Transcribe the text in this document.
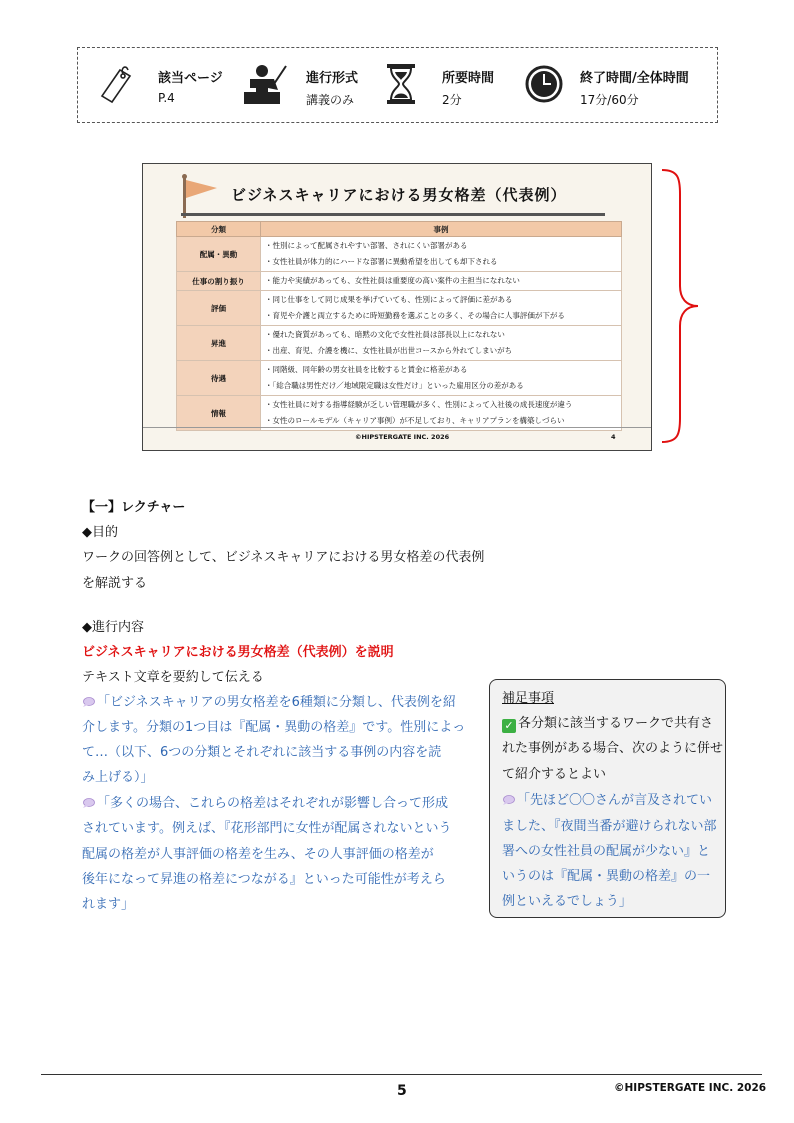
該当ページ
P.4
進行形式
講義のみ
所要時間
2分
終了時間/全体時間
17分/60分
ビジネスキャリアにおける男女格差（代表例）
分類	事例
配属・異動	・性別によって配属されやすい部署、されにくい部署がある
・女性社員が体力的にハードな部署に異動希望を出しても却下される

仕事の割り振り	・能力や実績があっても、女性社員は重要度の高い案件の主担当になれない

評価	・同じ仕事をして同じ成果を挙げていても、性別によって評価に差がある
・育児や介護と両立するために時短勤務を選ぶことの多く、その場合に人事評価が下がる

昇進	・優れた資質があっても、暗黙の文化で女性社員は部長以上になれない
・出産、育児、介護を機に、女性社員が出世コースから外れてしまいがち

待遇	・同階級、同年齢の男女社員を比較すると賃金に格差がある
・「総合職は男性だけ／地域限定職は女性だけ」といった雇用区分の差がある

情報	・女性社員に対する指導経験が乏しい管理職が多く、性別によって入社後の成長速度が違う
・女性のロールモデル（キャリア事例）が不足しており、キャリアプランを構築しづらい
©HIPSTERGATE INC. 2026	4
【一】レクチャー
◆目的
ワークの回答例として、ビジネスキャリアにおける男女格差の代表例
を解説する
◆進行内容
ビジネスキャリアにおける男女格差（代表例）を説明
テキスト文章を要約して伝える
「ビジネスキャリアの男女格差を6種類に分類し、代表例を紹
介します。分類の1つ目は『配属・異動の格差』です。性別によっ
て…（以下、6つの分類とそれぞれに該当する事例の内容を読
み上げる）」
「多くの場合、これらの格差はそれぞれが影響し合って形成
されています。例えば、『花形部門に女性が配属されないという
配属の格差が人事評価の格差を生み、その人事評価の格差が
後年になって昇進の格差につながる』といった可能性が考えら
れます」
補足事項
✓ 各分類に該当するワークで共有さ
れた事例がある場合、次のように併せ
て紹介するとよい
「先ほど〇〇さんが言及されてい
ました、『夜間当番が避けられない部
署への女性社員の配属が少ない』と
いうのは『配属・異動の格差』の一
例といえるでしょう」
5	©HIPSTERGATE INC. 2026
